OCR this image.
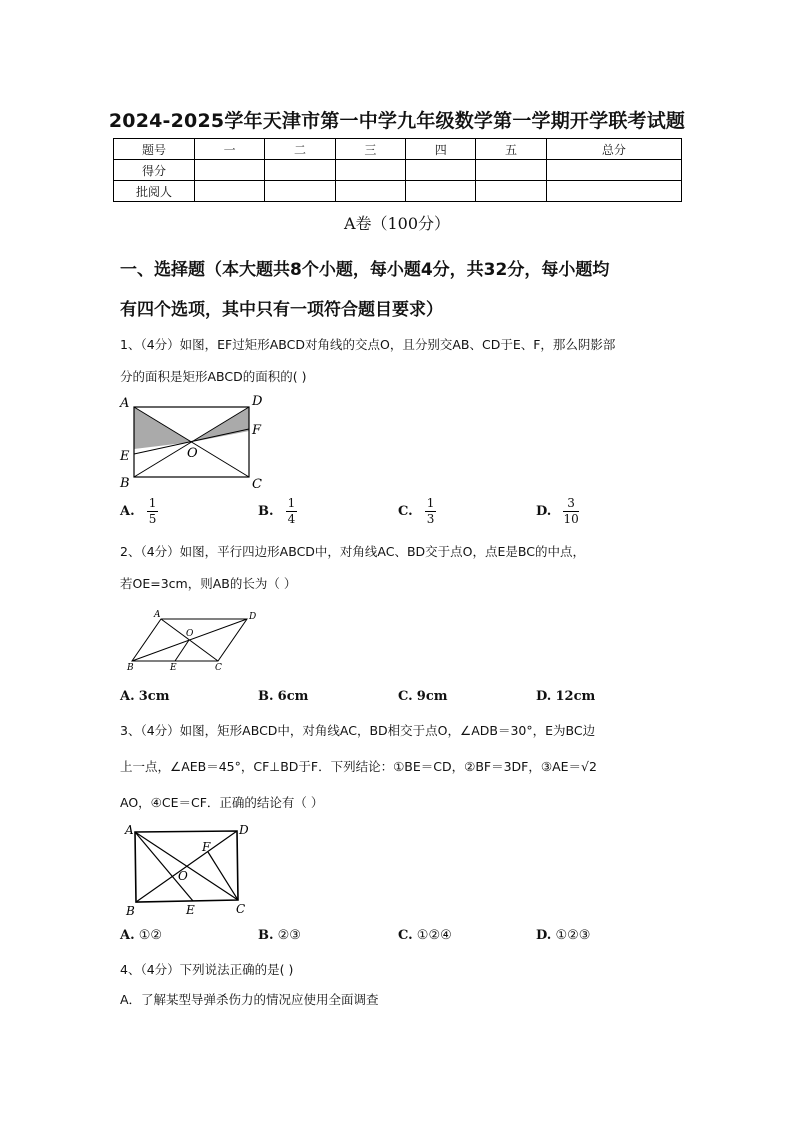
2024-2025学年天津市第一中学九年级数学第一学期开学联考试题
题号	一	二	三	四	五	总分
得分						
批阅人						
A卷（100分）
一、选择题（本大题共8个小题，每小题4分，共32分，每小题均
有四个选项，其中只有一项符合题目要求）
1、（4分）如图，EF过矩形ABCD对角线的交点O，且分别交AB、CD于E、F，那么阴影部
分的面积是矩形ABCD的面积的( )
A	D
F
E	O
B	C
A. $\frac{1}{5}$	B. $\frac{1}{4}$	C. $\frac{1}{3}$	D. $\frac{3}{10}$
2、（4分）如图，平行四边形ABCD中，对角线AC、BD交于点O，点E是BC的中点，
若OE=3cm，则AB的长为（ ）
A	D
O
B	E	C
A. 3cm	B. 6cm	C. 9cm	D. 12cm
3、（4分）如图，矩形ABCD中，对角线AC，BD相交于点O，∠ADB＝30°，E为BC边
上一点，∠AEB＝45°，CF⊥BD于F．下列结论：①BE＝CD，②BF＝3DF，③AE＝√2
AO，④CE＝CF．正确的结论有（ ）
A	D
F
O
B	E	C
A. ①②	B. ②③	C. ①②④	D. ①②③
4、（4分）下列说法正确的是( )
A．了解某型导弹杀伤力的情况应使用全面调查
